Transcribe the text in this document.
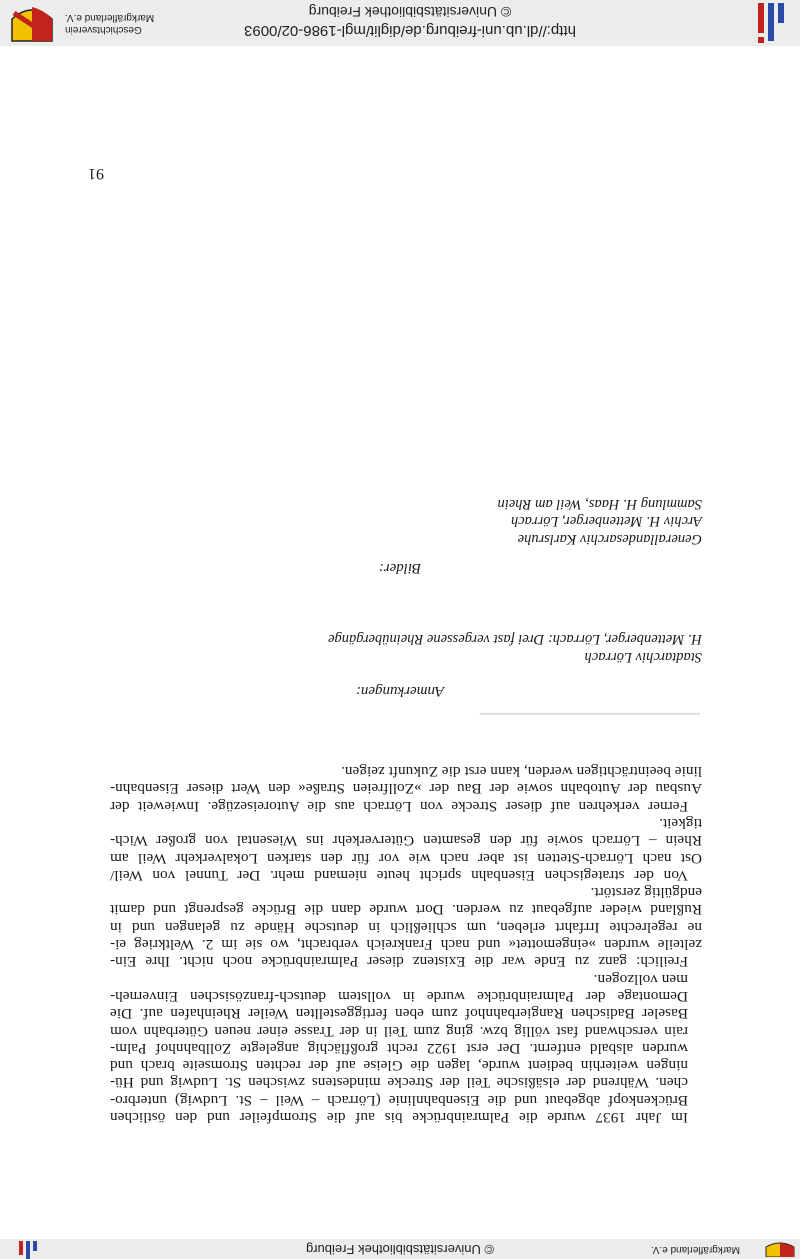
Markgräflerland e.V.
© Universitätsbibliothek Freiburg

Im Jahr 1937 wurde die Palmrainbrücke bis auf die Strompfeiler und den östlichen
Brückenkopf abgebaut und die Eisenbahnlinie (Lörrach – Weil – St. Ludwig) unterbro-
chen. Während der elsäßische Teil der Strecke mindestens zwischen St. Ludwig und Hü-
ningen weiterhin bedient wurde, lagen die Gleise auf der rechten Stromseite brach und
wurden alsbald entfernt. Der erst 1922 recht großflächig angelegte Zollbahnhof Palm-
rain verschwand fast völlig bzw. ging zum Teil in der Trasse einer neuen Güterbahn vom
Baseler Badischen Rangierbahnhof zum eben fertiggestellten Weiler Rheinhafen auf. Die
Demontage der Palmrainbrücke wurde in vollstem deutsch-französischen Einverneh-
men vollzogen.

Freilich: ganz zu Ende war die Existenz dieser Palmrainbrücke noch nicht. Ihre Ein-
zelteile wurden »eingemottet« und nach Frankreich verbracht, wo sie im 2. Weltkrieg ei-
ne regelrechte Irrfahrt erleben, um schließlich in deutsche Hände zu gelangen und in
Rußland wieder aufgebaut zu werden. Dort wurde dann die Brücke gesprengt und damit
endgültig zerstört.

Von der strategischen Eisenbahn spricht heute niemand mehr. Der Tunnel von Weil/
Ost nach Lörrach-Stetten ist aber nach wie vor für den starken Lokalverkehr Weil am
Rhein – Lörrach sowie für den gesamten Güterverkehr ins Wiesental von großer Wich-
tigkeit.

Ferner verkehren auf dieser Strecke von Lörrach aus die Autoreisezüge. Inwieweit der
Ausbau der Autobahn sowie der Bau der »Zollfreien Straße« den Wert dieser Eisenbahn-
linie beeinträchtigen werden, kann erst die Zukunft zeigen.

▁▁▁▁▁▁▁▁▁▁▁▁▁▁▁▁▁▁▁▁▁▁
Anmerkungen:
Stadtarchiv Lörrach
H. Mettenberger, Lörrach: Drei fast vergessene Rheinübergänge
Bilder:
Generallandesarchiv Karlsruhe
Archiv H. Mettenberger, Lörrach
Sammlung H. Haas, Weil am Rhein
91
http://dl.ub.uni-freiburg.de/diglit/mgl-1986-02/0093
© Universitätsbibliothek Freiburg
Geschichtsverein
Markgräflerland e.V.
